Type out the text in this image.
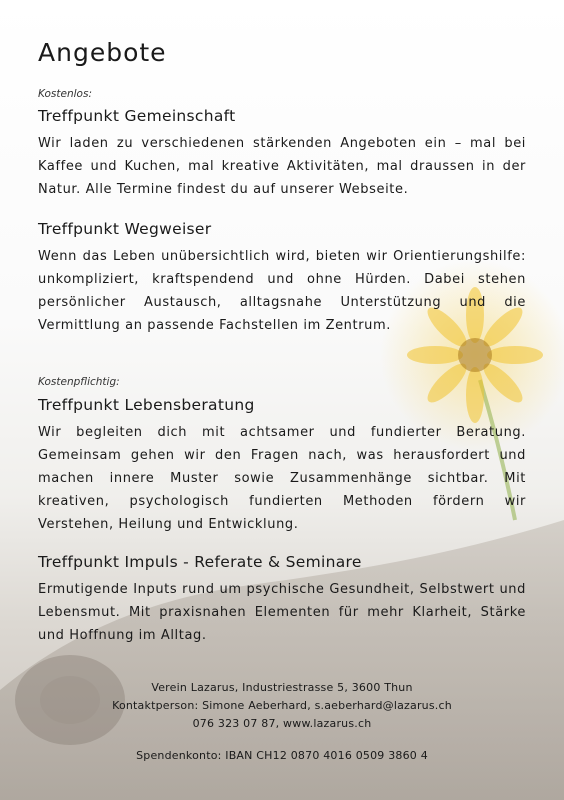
Angebote
Kostenlos:
Treffpunkt Gemeinschaft
Wir laden zu verschiedenen stärkenden Angeboten ein – mal bei Kaffee und Kuchen, mal kreative Aktivitäten, mal draussen in der Natur. Alle Termine findest du auf unserer Webseite.
Treffpunkt Wegweiser
Wenn das Leben unübersichtlich wird, bieten wir Orientierungshilfe: unkompliziert, kraftspendend und ohne Hürden. Dabei stehen persönlicher Austausch, alltagsnahe Unterstützung und die Vermittlung an passende Fachstellen im Zentrum.
Kostenpflichtig:
Treffpunkt Lebensberatung
Wir begleiten dich mit achtsamer und fundierter Beratung. Gemeinsam gehen wir den Fragen nach, was herausfordert und machen innere Muster sowie Zusammenhänge sichtbar. Mit kreativen, psychologisch fundierten Methoden fördern wir Verstehen, Heilung und Entwicklung.
Treffpunkt Impuls - Referate & Seminare
Ermutigende Inputs rund um psychische Gesundheit, Selbstwert und Lebensmut. Mit praxisnahen Elementen für mehr Klarheit, Stärke und Hoffnung im Alltag.
Verein Lazarus, Industriestrasse 5, 3600 Thun
Kontaktperson: Simone Aeberhard, s.aeberhard@lazarus.ch
076 323 07 87, www.lazarus.ch
Spendenkonto: IBAN CH12 0870 4016 0509 3860 4
